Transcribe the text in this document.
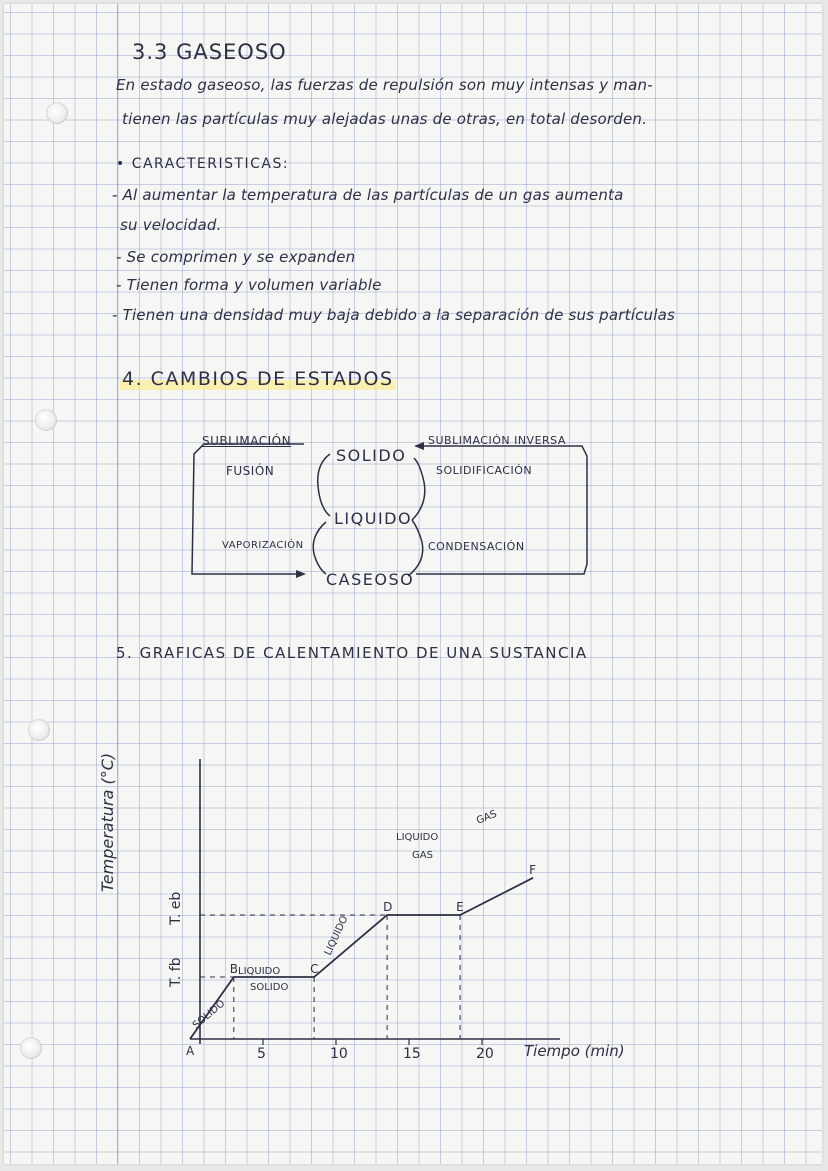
3.3 GASEOSO
En estado gaseoso, las fuerzas de repulsión son muy intensas y man-
tienen las partículas muy alejadas unas de otras, en total desorden.
• CARACTERISTICAS:
- Al aumentar la temperatura de las partículas de un gas aumenta
su velocidad.
- Se comprimen y se expanden
- Tienen forma y volumen variable
- Tienen una densidad muy baja debido a la separación de sus partículas
4. CAMBIOS DE ESTADOS
SUBLIMACIÓN
FUSIÓN
VAPORIZACIÓN
SUBLIMACIÓN INVERSA
SOLIDIFICACIÓN
CONDENSACIÓN
SOLIDO
LIQUIDO
CASEOSO
5. GRAFICAS DE CALENTAMIENTO DE UNA SUSTANCIA
5	10	15	20
T. fb
T. eb
A
B	C
D	E
F
SOLIDO
LIQUIDO
SOLIDO
LIQUIDO
LIQUIDO
GAS
GAS
Temperatura (°C)
Tiempo (min)
